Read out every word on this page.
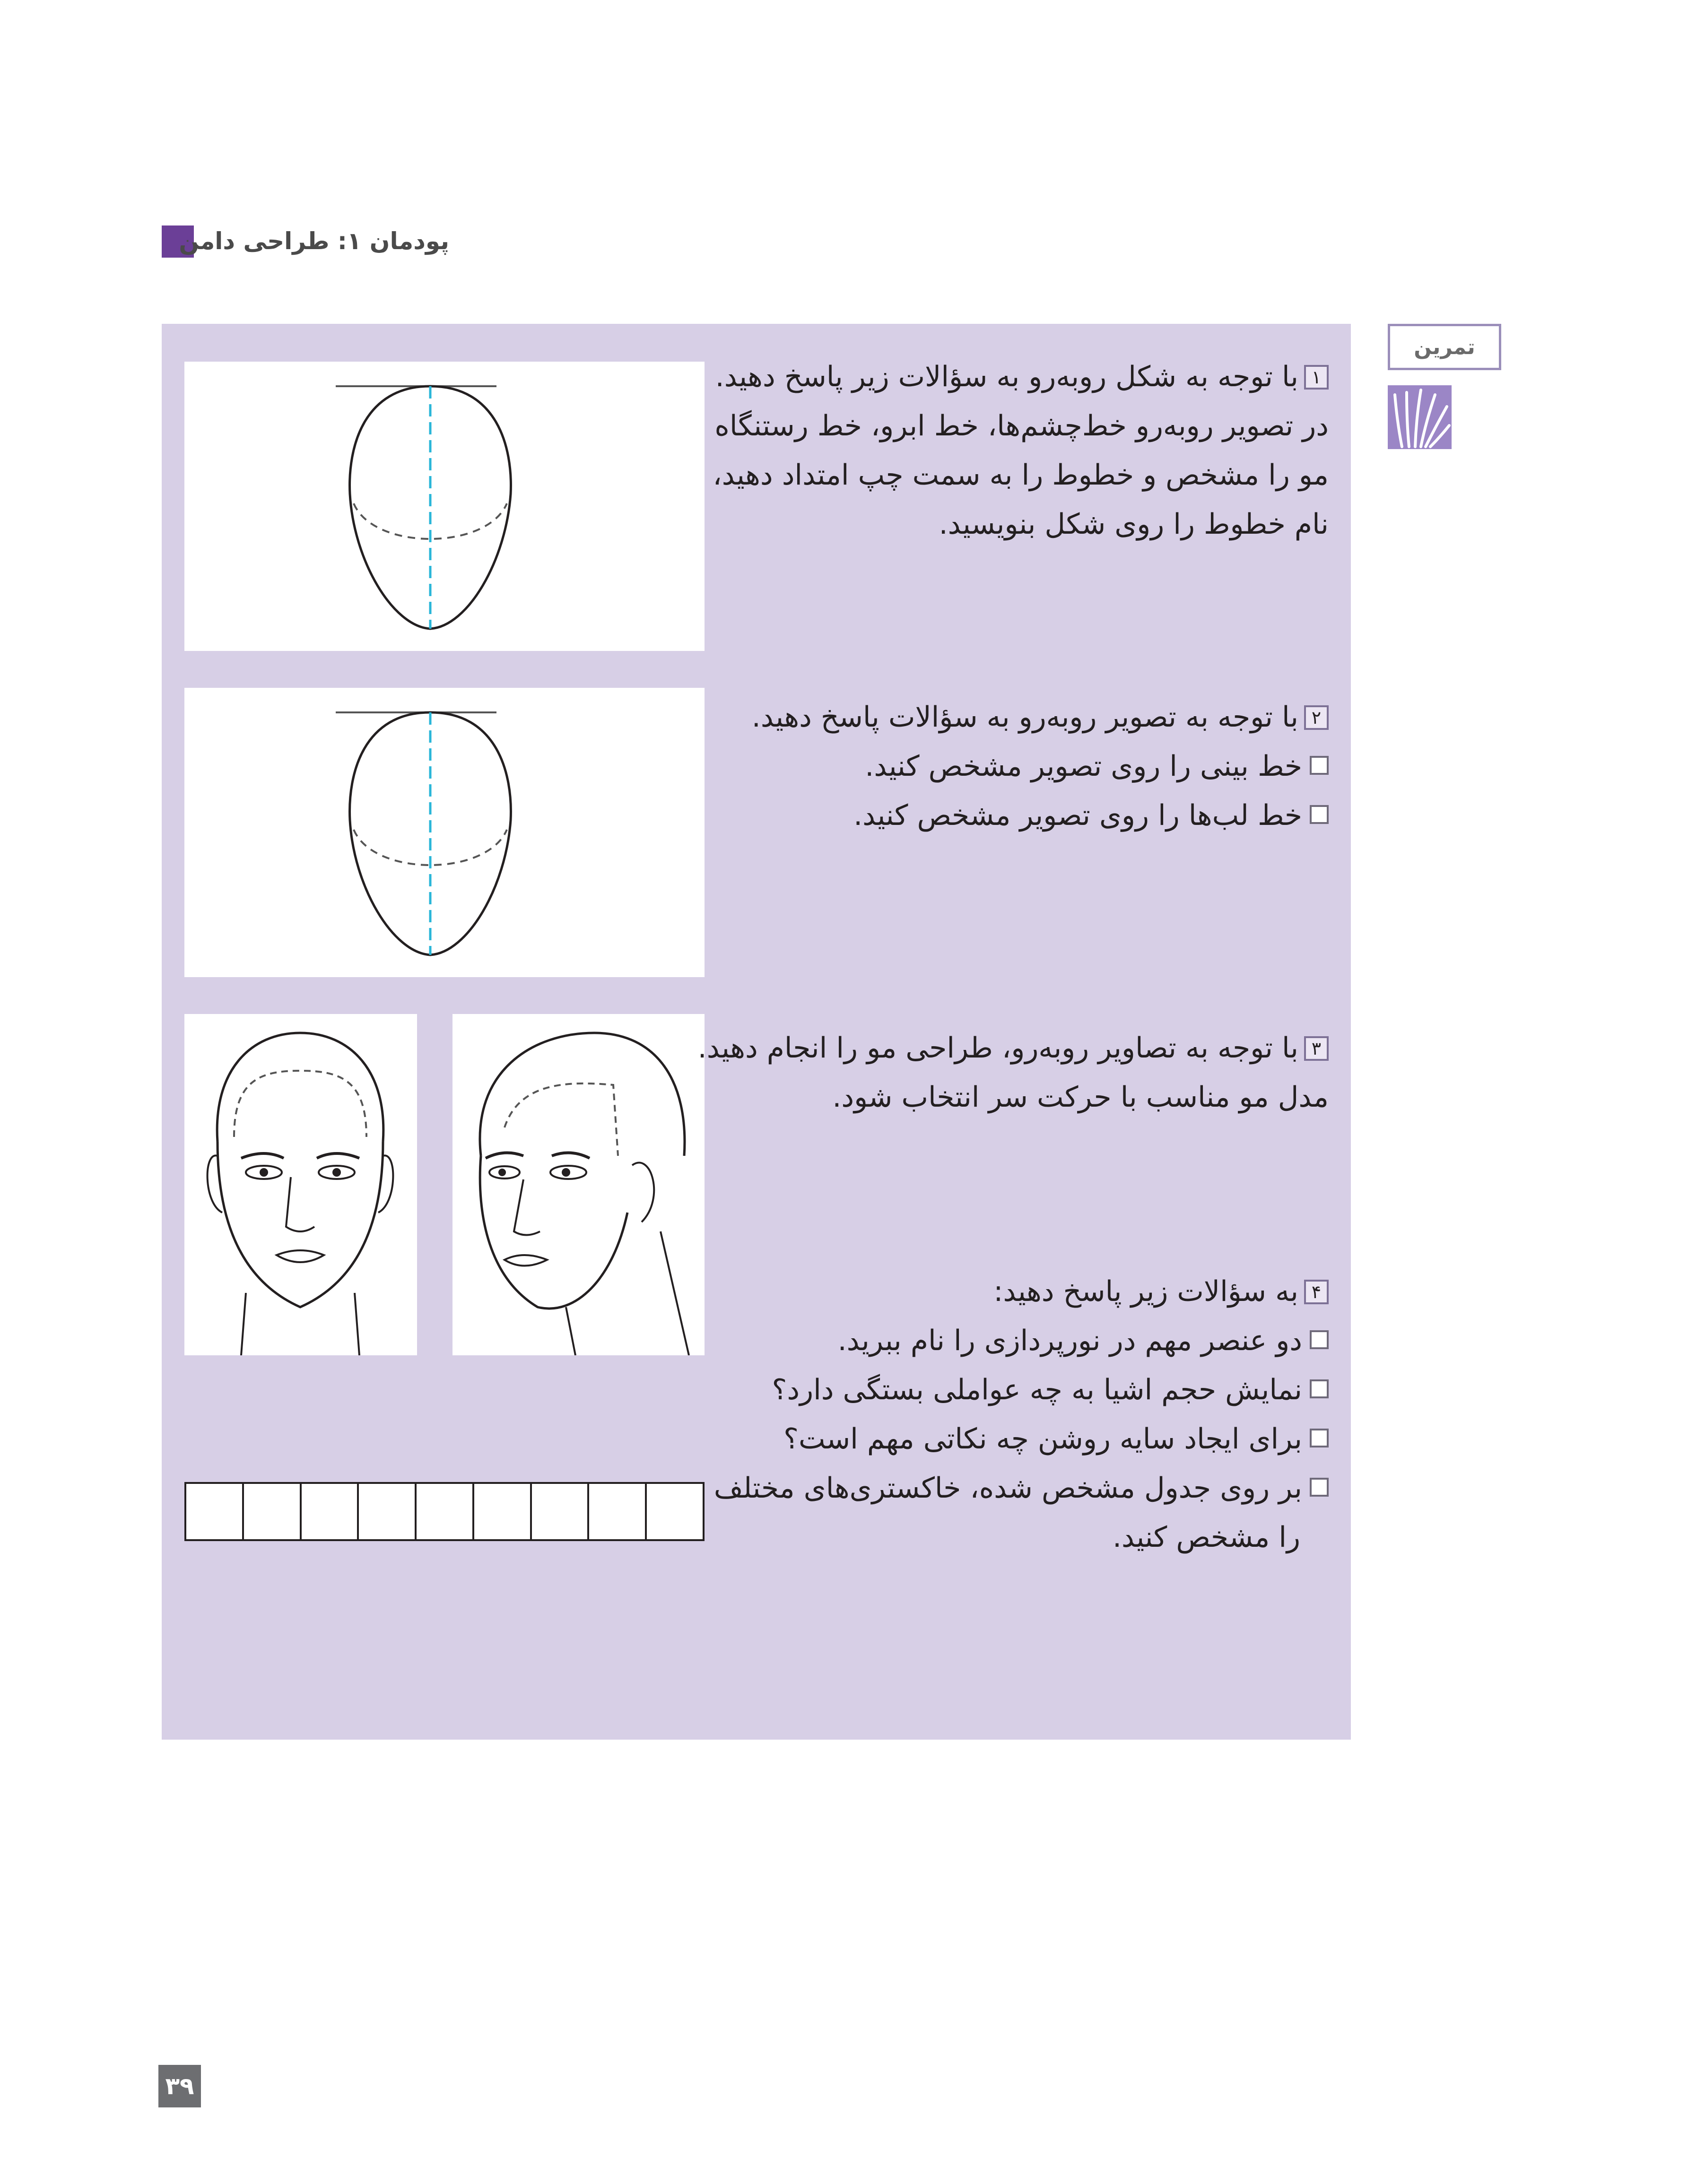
پودمان ۱: طراحی دامن
تمرین
۱با توجه به شکل روبه‌رو به سؤالات زیر پاسخ دهید.
در تصویر روبه‌رو خط‌چشم‌ها، خط ابرو، خط رستنگاه
مو را مشخص و خطوط را به سمت چپ امتداد دهید،
نام خطوط را روی شکل بنویسید.
۲با توجه به تصویر روبه‌رو به سؤالات پاسخ دهید.
خط بینی را روی تصویر مشخص کنید.
خط لب‌ها را روی تصویر مشخص کنید.
۳با توجه به تصاویر روبه‌رو، طراحی مو را انجام دهید.
مدل مو مناسب با حرکت سر انتخاب شود.
۴به سؤالات زیر پاسخ دهید:
دو عنصر مهم در نورپردازی را نام ببرید.
نمایش حجم اشیا به چه عواملی بستگی دارد؟
برای ایجاد سایه روشن چه نکاتی مهم است؟
بر روی جدول مشخص شده، خاکستری‌های مختلف
را مشخص کنید.
۳۹
